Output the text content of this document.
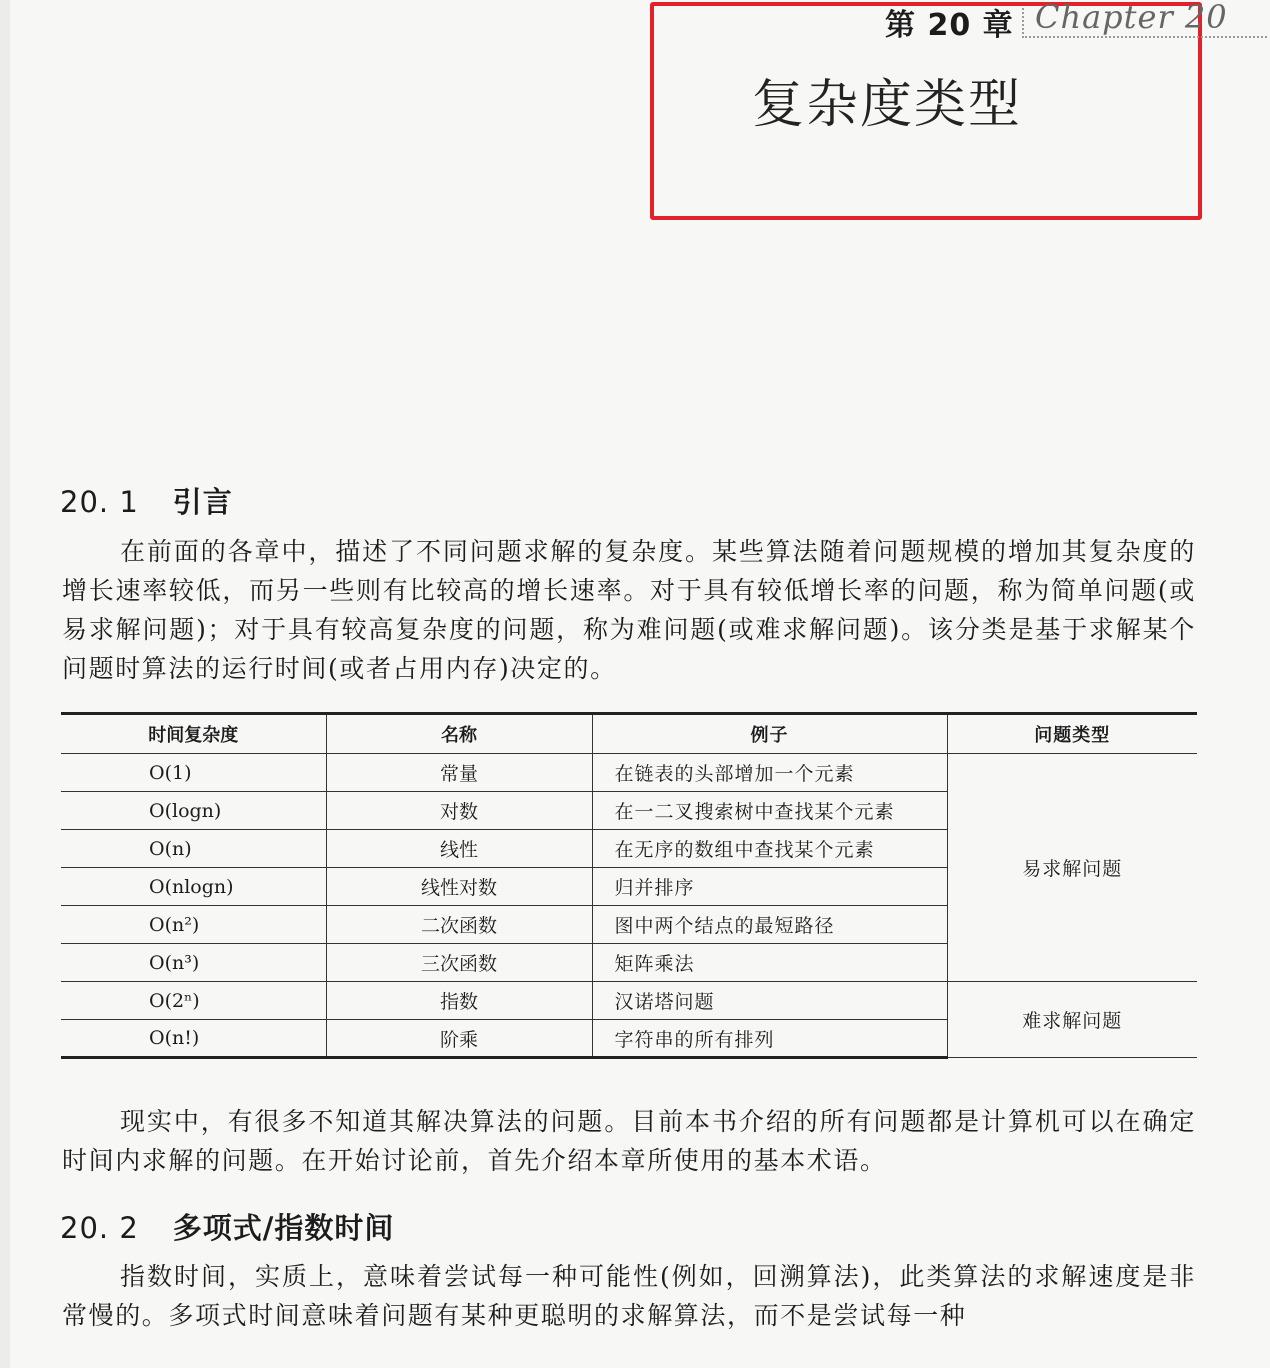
第 20 章 Chapter 20
复杂度类型
20. 1 引言

在前面的各章中，描述了不同问题求解的复杂度。某些算法随着问题规模的增加其复杂度的增长速率较低，而另一些则有比较高的增长速率。对于具有较低增长率的问题，称为简单问题(或易求解问题)；对于具有较高复杂度的问题，称为难问题(或难求解问题)。该分类是基于求解某个问题时算法的运行时间(或者占用内存)决定的。

时间复杂度	名称	例子	问题类型
O(1)	常量	在链表的头部增加一个元素	易求解问题
O(logn)	对数	在一二叉搜索树中查找某个元素	
O(n)	线性	在无序的数组中查找某个元素	
O(nlogn)	线性对数	归并排序	
O(n²)	二次函数	图中两个结点的最短路径	
O(n³)	三次函数	矩阵乘法	
O(2ⁿ)	指数	汉诺塔问题	难求解问题
O(n!)	阶乘	字符串的所有排列	

现实中，有很多不知道其解决算法的问题。目前本书介绍的所有问题都是计算机可以在确定时间内求解的问题。在开始讨论前，首先介绍本章所使用的基本术语。

20. 2 多项式/指数时间

指数时间，实质上，意味着尝试每一种可能性(例如，回溯算法)，此类算法的求解速度是非常慢的。多项式时间意味着问题有某种更聪明的求解算法，而不是尝试每一种
